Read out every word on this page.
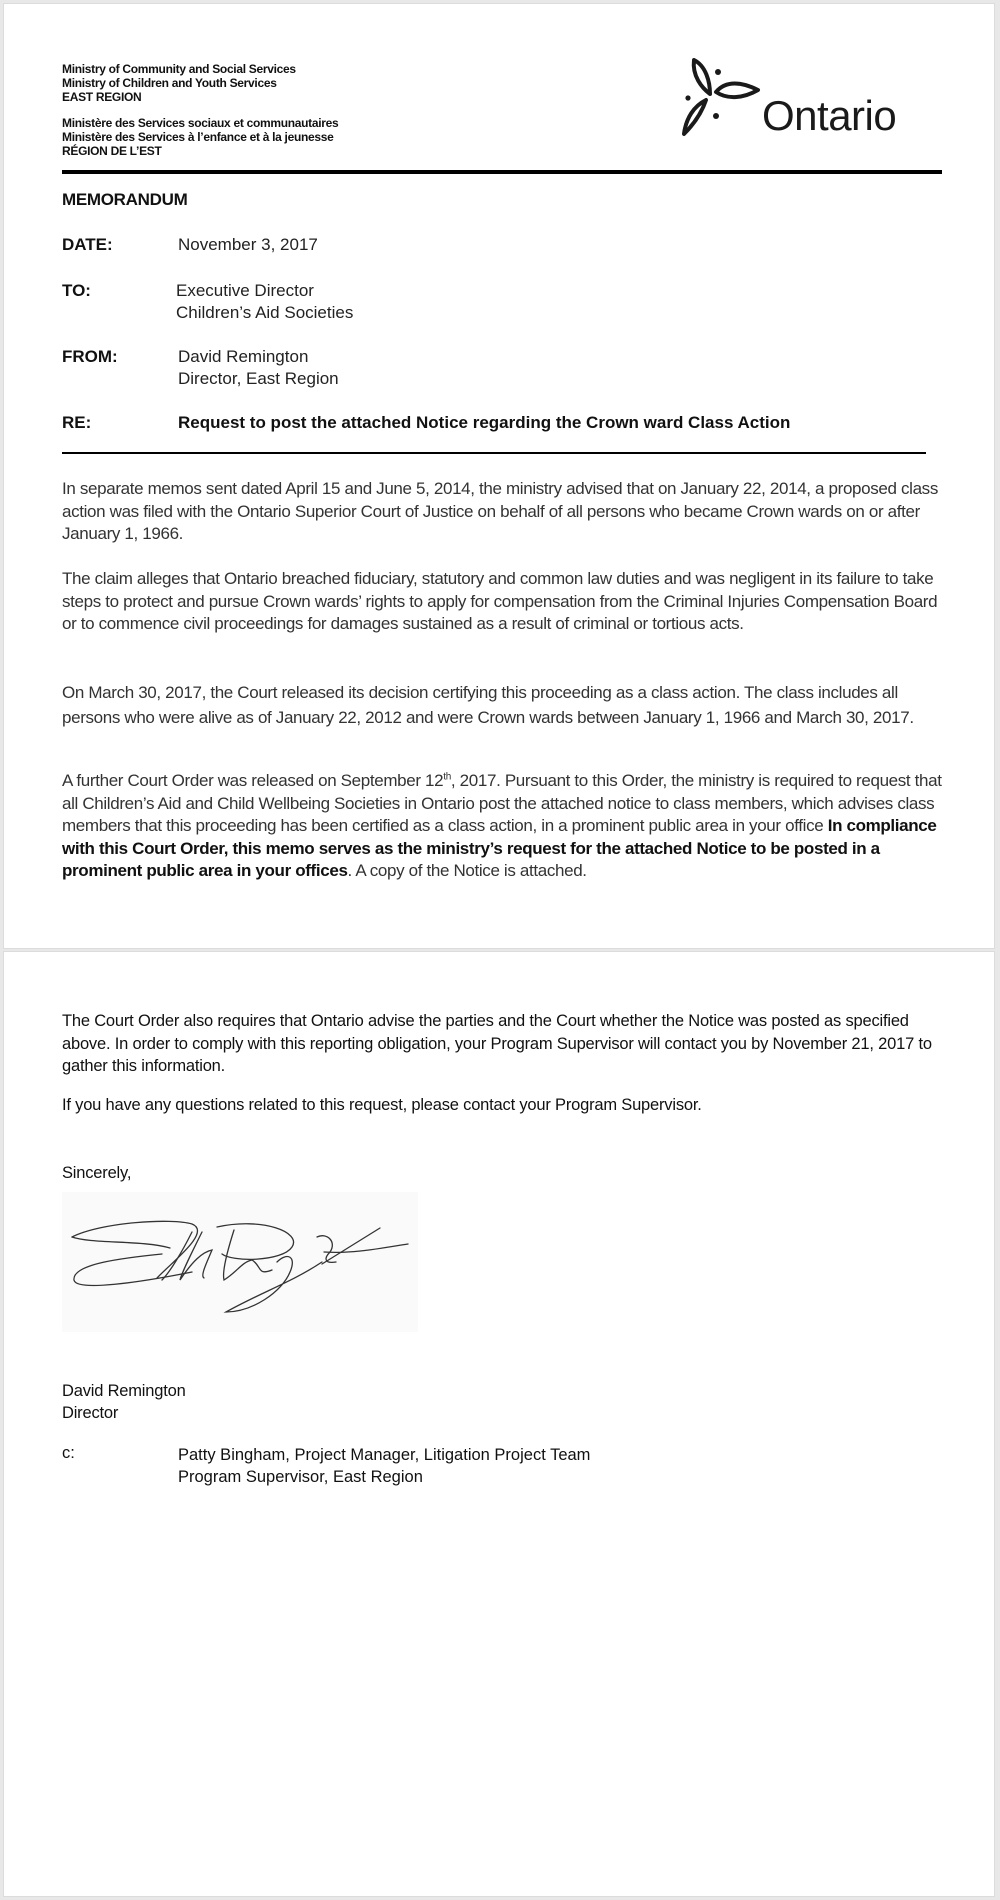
Ministry of Community and Social Services
Ministry of Children and Youth Services
EAST REGION
Ministère des Services sociaux et communautaires
Ministère des Services à l’enfance et à la jeunesse
RÉGION DE L’EST
Ontario
MEMORANDUM
DATE:	November 3, 2017
TO:	Executive Director
Children’s Aid Societies
FROM:	David Remington
Director, East Region
RE:	Request to post the attached Notice regarding the Crown ward Class Action
In separate memos sent dated April 15 and June 5, 2014, the ministry advised that on January 22, 2014, a proposed class action was filed with the Ontario Superior Court of Justice on behalf of all persons who became Crown wards on or after January 1, 1966.
The claim alleges that Ontario breached fiduciary, statutory and common law duties and was negligent in its failure to take steps to protect and pursue Crown wards’ rights to apply for compensation from the Criminal Injuries Compensation Board or to commence civil proceedings for damages sustained as a result of criminal or tortious acts.
On March 30, 2017, the Court released its decision certifying this proceeding as a class action. The class includes all persons who were alive as of January 22, 2012 and were Crown wards between January 1, 1966 and March 30, 2017.
A further Court Order was released on September 12th, 2017. Pursuant to this Order, the ministry is required to request that all Children’s Aid and Child Wellbeing Societies in Ontario post the attached notice to class members, which advises class members that this proceeding has been certified as a class action, in a prominent public area in your office In compliance with this Court Order, this memo serves as the ministry’s request for the attached Notice to be posted in a prominent public area in your offices. A copy of the Notice is attached.
The Court Order also requires that Ontario advise the parties and the Court whether the Notice was posted as specified above. In order to comply with this reporting obligation, your Program Supervisor will contact you by November 21, 2017 to gather this information.
If you have any questions related to this request, please contact your Program Supervisor.
Sincerely,
David Remington
Director
c:	Patty Bingham, Project Manager, Litigation Project Team
Program Supervisor, East Region
